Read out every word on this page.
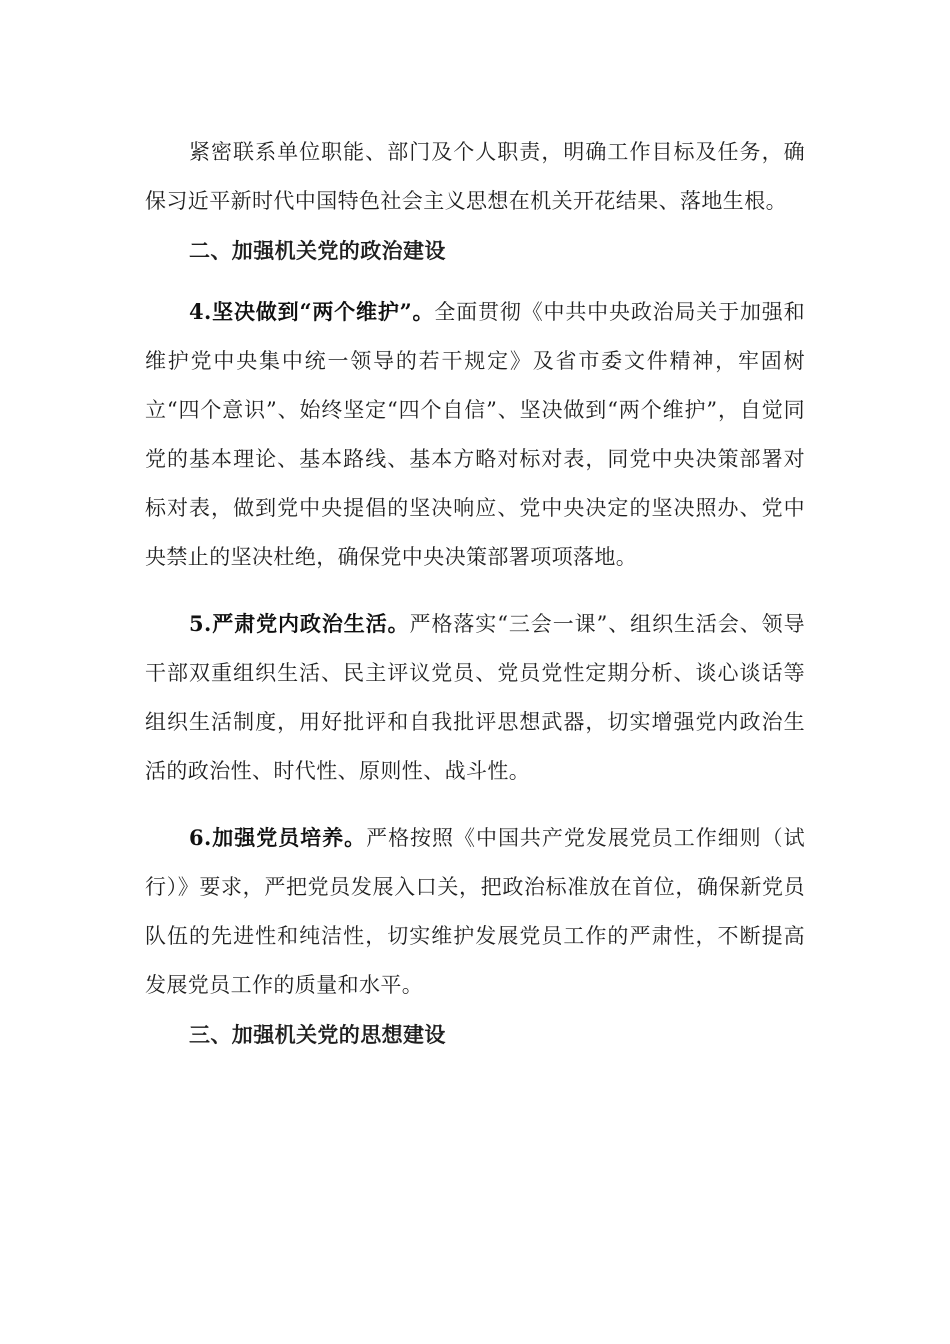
紧密联系单位职能、部门及个人职责，明确工作目标及任务，确保习近平新时代中国特色社会主义思想在机关开花结果、落地生根。

二、加强机关党的政治建设

4.坚决做到“两个维护”。全面贯彻《中共中央政治局关于加强和维护党中央集中统一领导的若干规定》及省市委文件精神，牢固树立“四个意识”、始终坚定“四个自信”、坚决做到“两个维护”，自觉同党的基本理论、基本路线、基本方略对标对表，同党中央决策部署对标对表，做到党中央提倡的坚决响应、党中央决定的坚决照办、党中央禁止的坚决杜绝，确保党中央决策部署项项落地。

5.严肃党内政治生活。严格落实“三会一课”、组织生活会、领导干部双重组织生活、民主评议党员、党员党性定期分析、谈心谈话等组织生活制度，用好批评和自我批评思想武器，切实增强党内政治生活的政治性、时代性、原则性、战斗性。

6.加强党员培养。严格按照《中国共产党发展党员工作细则（试行）》要求，严把党员发展入口关，把政治标准放在首位，确保新党员队伍的先进性和纯洁性，切实维护发展党员工作的严肃性，不断提高发展党员工作的质量和水平。

三、加强机关党的思想建设
